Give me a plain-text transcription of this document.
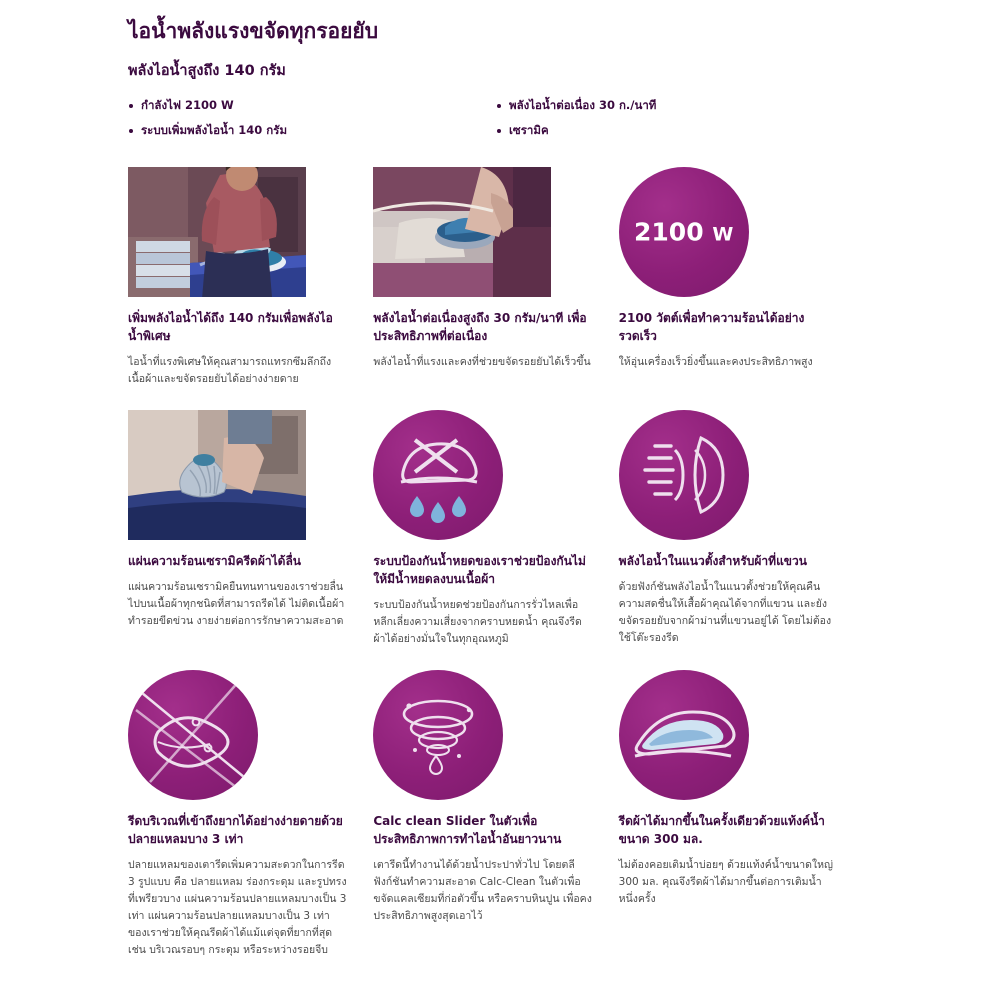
ไอน้ำพลังแรงขจัดทุกรอยยับ
พลังไอน้ำสูงถึง 140 กรัม
กำลังไฟ 2100 W
ระบบเพิ่มพลังไอน้ำ 140 กรัม
พลังไอน้ำต่อเนื่อง 30 ก./นาที
เซรามิค
เพิ่มพลังไอน้ำได้ถึง 140 กรัมเพื่อพลังไอน้ำพิเศษ
ไอน้ำที่แรงพิเศษให้คุณสามารถแทรกซึมลึกถึงเนื้อผ้าและขจัดรอยยับได้อย่างง่ายดาย
พลังไอน้ำต่อเนื่องสูงถึง 30 กรัม/นาที เพื่อประสิทธิภาพที่ต่อเนื่อง
พลังไอน้ำที่แรงและคงที่ช่วยขจัดรอยยับได้เร็วขึ้น
2100 W
2100 วัตต์เพื่อทำความร้อนได้อย่างรวดเร็ว
ให้อุ่นเครื่องเร็วยิ่งขึ้นและคงประสิทธิภาพสูง
แผ่นความร้อนเซรามิครีดผ้าได้ลื่น
แผ่นความร้อนเซรามิคยืนทนทานของเราช่วยลื่นไปบนเนื้อผ้าทุกชนิดที่สามารถรีดได้ ไม่ติดเนื้อผ้าทำรอยขีดข่วน งายง่ายต่อการรักษาความสะอาด
ระบบป้องกันน้ำหยดของเราช่วยป้องกันไม่ให้มีน้ำหยดลงบนเนื้อผ้า
ระบบป้องกันน้ำหยดช่วยป้องกันการรั่วไหลเพื่อหลีกเลี่ยงความเสี่ยงจากคราบหยดน้ำ คุณจึงรีดผ้าได้อย่างมั่นใจในทุกอุณหภูมิ
พลังไอน้ำในแนวตั้งสำหรับผ้าที่แขวน
ด้วยฟังก์ชันพลังไอน้ำในแนวตั้งช่วยให้คุณคืนความสดชื่นให้เสื้อผ้าคุณได้จากที่แขวน และยังขจัดรอยยับจากผ้าม่านที่แขวนอยู่ได้ โดยไม่ต้องใช้โต๊ะรองรีด
รีดบริเวณที่เข้าถึงยากได้อย่างง่ายดายด้วยปลายแหลมบาง 3 เท่า
ปลายแหลมของเตารีดเพิ่มความสะดวกในการรีด 3 รูปแบบ คือ ปลายแหลม ร่องกระดุม และรูปทรงที่เพรียวบาง แผ่นความร้อนปลายแหลมบางเป็น 3 เท่า แผ่นความร้อนปลายแหลมบางเป็น 3 เท่าของเราช่วยให้คุณรีดผ้าได้แม้แต่จุดที่ยากที่สุด เช่น บริเวณรอบๆ กระดุม หรือระหว่างรอยจีบ
Calc clean Slider ในตัวเพื่อประสิทธิภาพการทำไอน้ำอันยาวนาน
เตารีดนี้ทำงานได้ด้วยน้ำประปาทั่วไป โดยตลีฟังก์ชันทำความสะอาด Calc-Clean ในตัวเพื่อขจัดแคลเซียมที่ก่อตัวขึ้น หรือคราบหินปูน เพื่อคงประสิทธิภาพสูงสุดเอาไว้
รีดผ้าได้มากขึ้นในครั้งเดียวด้วยแท้งค์น้ำขนาด 300 มล.
ไม่ต้องคอยเติมน้ำบ่อยๆ ด้วยแท้งค์น้ำขนาดใหญ่ 300 มล. คุณจึงรีดผ้าได้มากขึ้นต่อการเติมน้ำหนึ่งครั้ง
